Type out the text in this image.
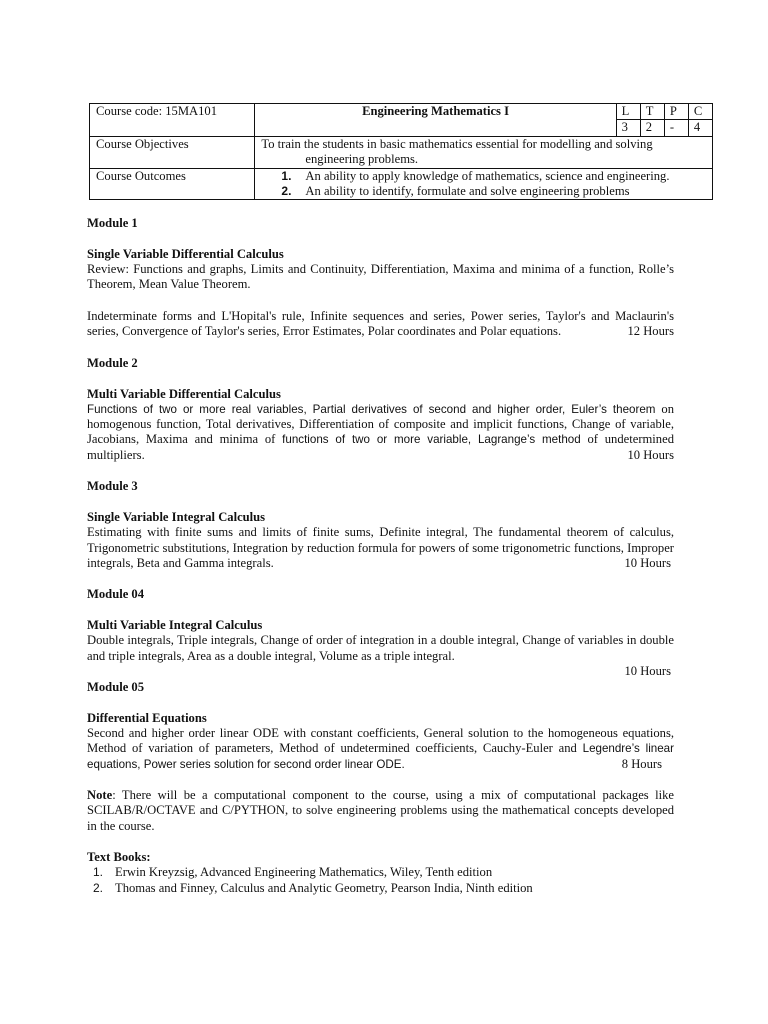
Course code: 15MA101	Engineering Mathematics I	L	T	P	C
		3	2	-	4
Course Objectives	To train the students in basic mathematics essential for modelling and solving
engineering problems.				

Course Outcomes	1. An ability to apply knowledge of mathematics, science and engineering.
2. An ability to identify, formulate and solve engineering problems				
Module 1
Single Variable Differential Calculus
Review: Functions and graphs, Limits and Continuity, Differentiation, Maxima and minima of a function, Rolle’s Theorem, Mean Value Theorem.
Indeterminate forms and L'Hopital's rule, Infinite sequences and series, Power series, Taylor's and Maclaurin's series, Convergence of Taylor's series, Error Estimates, Polar coordinates and Polar equations.	12 Hours
Module 2
Multi Variable Differential Calculus
Functions of two or more real variables, Partial derivatives of second and higher order, Euler’s theorem on homogenous function, Total derivatives, Differentiation of composite and implicit functions, Change of variable, Jacobians, Maxima and minima of functions of two or more variable, Lagrange’s method of undetermined multipliers.	10 Hours
Module 3
Single Variable Integral Calculus
Estimating with finite sums and limits of finite sums, Definite integral, The fundamental theorem of calculus, Trigonometric substitutions, Integration by reduction formula for powers of some trigonometric functions, Improper integrals, Beta and Gamma integrals.	10 Hours
Module 04
Multi Variable Integral Calculus
Double integrals, Triple integrals, Change of order of integration in a double integral, Change of variables in double and triple integrals, Area as a double integral, Volume as a triple integral.
10 Hours
Module 05
Differential Equations
Second and higher order linear ODE with constant coefficients, General solution to the homogeneous equations, Method of variation of parameters, Method of undetermined coefficients, Cauchy-Euler and Legendre’s linear equations, Power series solution for second order linear ODE.	8 Hours
Note: There will be a computational component to the course, using a mix of computational packages like SCILAB/R/OCTAVE and C/PYTHON, to solve engineering problems using the mathematical concepts developed in the course.
Text Books:
1. Erwin Kreyzsig, Advanced Engineering Mathematics, Wiley, Tenth edition
2. Thomas and Finney, Calculus and Analytic Geometry, Pearson India, Ninth edition
